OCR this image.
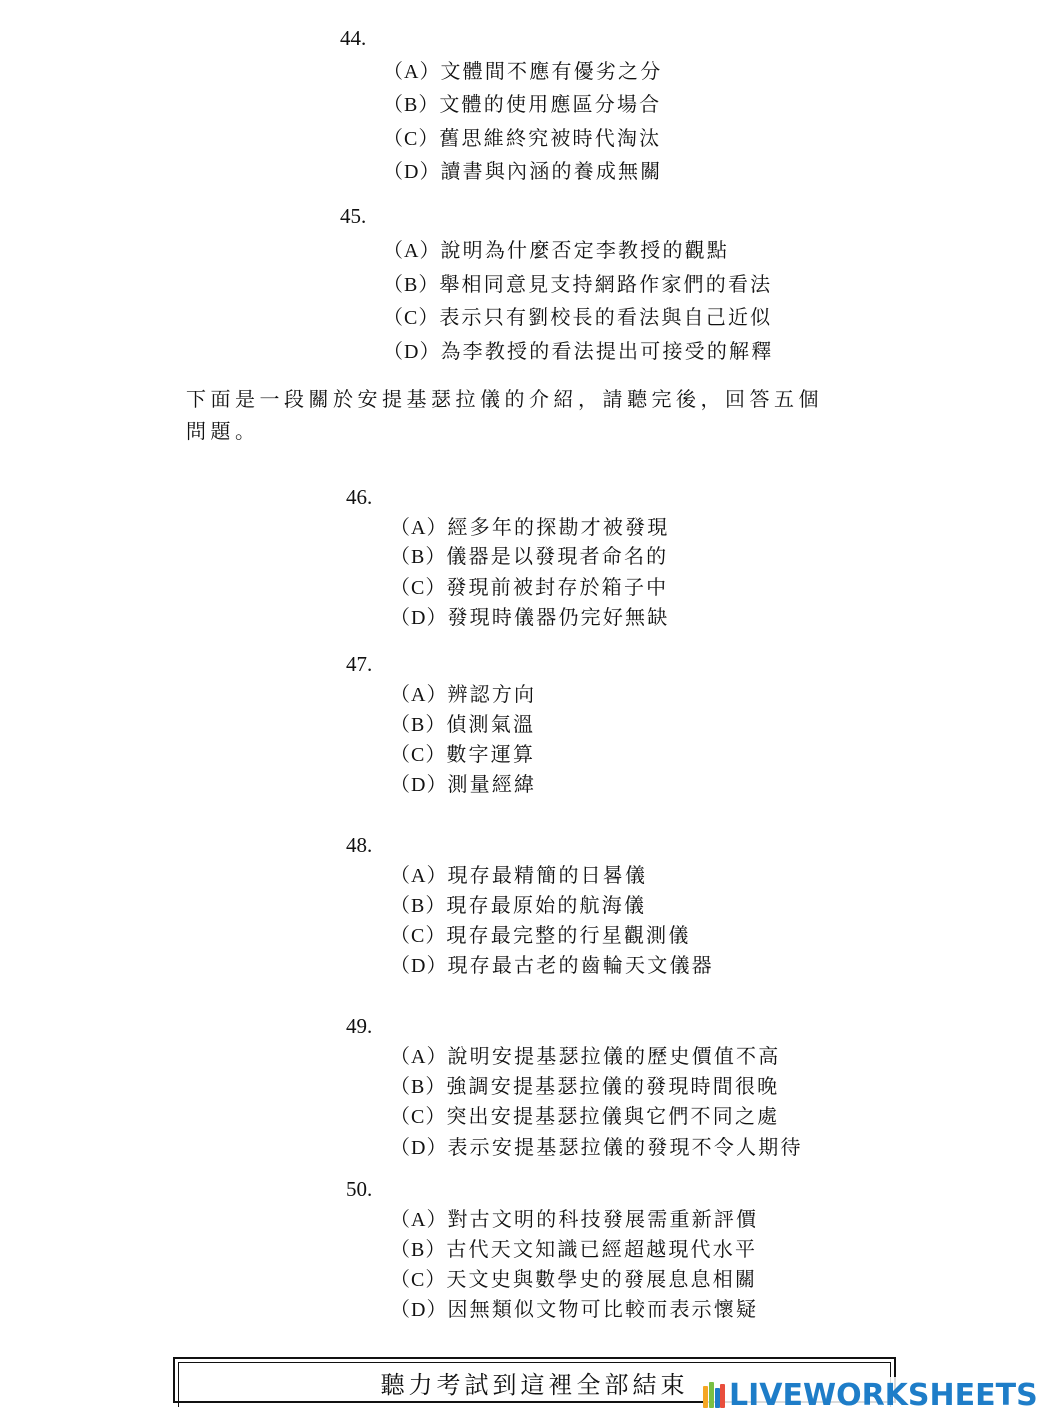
44.
（A）文體間不應有優劣之分
（B）文體的使用應區分場合
（C）舊思維終究被時代淘汰
（D）讀書與內涵的養成無關
45.
（A）說明為什麼否定李教授的觀點
（B）舉相同意見支持網路作家們的看法
（C）表示只有劉校長的看法與自己近似
（D）為李教授的看法提出可接受的解釋
下面是一段關於安提基瑟拉儀的介紹，請聽完後，回答五個問題。
46.
（A）經多年的探勘才被發現
（B）儀器是以發現者命名的
（C）發現前被封存於箱子中
（D）發現時儀器仍完好無缺
47.
（A）辨認方向
（B）偵測氣溫
（C）數字運算
（D）測量經緯
48.
（A）現存最精簡的日晷儀
（B）現存最原始的航海儀
（C）現存最完整的行星觀測儀
（D）現存最古老的齒輪天文儀器
49.
（A）說明安提基瑟拉儀的歷史價值不高
（B）強調安提基瑟拉儀的發現時間很晚
（C）突出安提基瑟拉儀與它們不同之處
（D）表示安提基瑟拉儀的發現不令人期待
50.
（A）對古文明的科技發展需重新評價
（B）古代天文知識已經超越現代水平
（C）天文史與數學史的發展息息相關
（D）因無類似文物可比較而表示懷疑
聽力考試到這裡全部結束	LIVEWORKSHEETS
